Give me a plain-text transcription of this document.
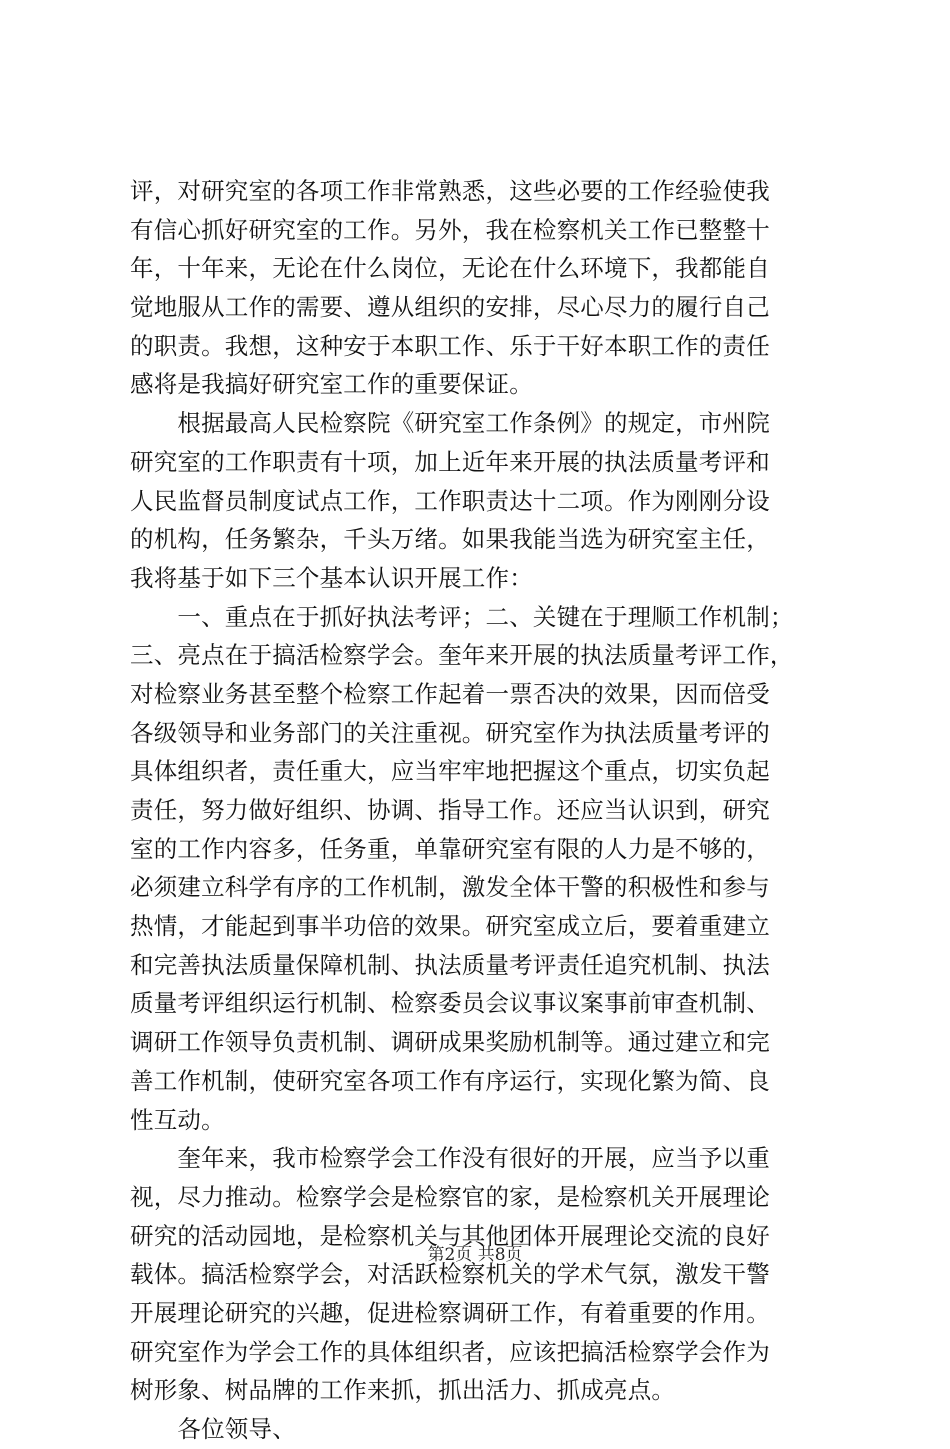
评，对研究室的各项工作非常熟悉，这些必要的工作经验使我
有信心抓好研究室的工作。另外，我在检察机关工作已整整十
年，十年来，无论在什么岗位，无论在什么环境下，我都能自
觉地服从工作的需要、遵从组织的安排，尽心尽力的履行自己
的职责。我想，这种安于本职工作、乐于干好本职工作的责任
感将是我搞好研究室工作的重要保证。
　　根据最高人民检察院《研究室工作条例》的规定，市州院
研究室的工作职责有十项，加上近年来开展的执法质量考评和
人民监督员制度试点工作，工作职责达十二项。作为刚刚分设
的机构，任务繁杂，千头万绪。如果我能当选为研究室主任，
我将基于如下三个基本认识开展工作：
　　一、重点在于抓好执法考评；二、关键在于理顺工作机制；
三、亮点在于搞活检察学会。奎年来开展的执法质量考评工作，
对检察业务甚至整个检察工作起着一票否决的效果，因而倍受
各级领导和业务部门的关注重视。研究室作为执法质量考评的
具体组织者，责任重大，应当牢牢地把握这个重点，切实负起
责任，努力做好组织、协调、指导工作。还应当认识到，研究
室的工作内容多，任务重，单靠研究室有限的人力是不够的，
必须建立科学有序的工作机制，激发全体干警的积极性和参与
热情，才能起到事半功倍的效果。研究室成立后，要着重建立
和完善执法质量保障机制、执法质量考评责任追究机制、执法
质量考评组织运行机制、检察委员会议事议案事前审查机制、
调研工作领导负责机制、调研成果奖励机制等。通过建立和完
善工作机制，使研究室各项工作有序运行，实现化繁为简、良
性互动。
　　奎年来，我市检察学会工作没有很好的开展，应当予以重
视，尽力推动。检察学会是检察官的家，是检察机关开展理论
研究的活动园地，是检察机关与其他团体开展理论交流的良好
载体。搞活检察学会，对活跃检察机关的学术气氛，激发干警
开展理论研究的兴趣，促进检察调研工作，有着重要的作用。
研究室作为学会工作的具体组织者，应该把搞活检察学会作为
树形象、树品牌的工作来抓，抓出活力、抓成亮点。
　　各位领导、
第2页 共8页
